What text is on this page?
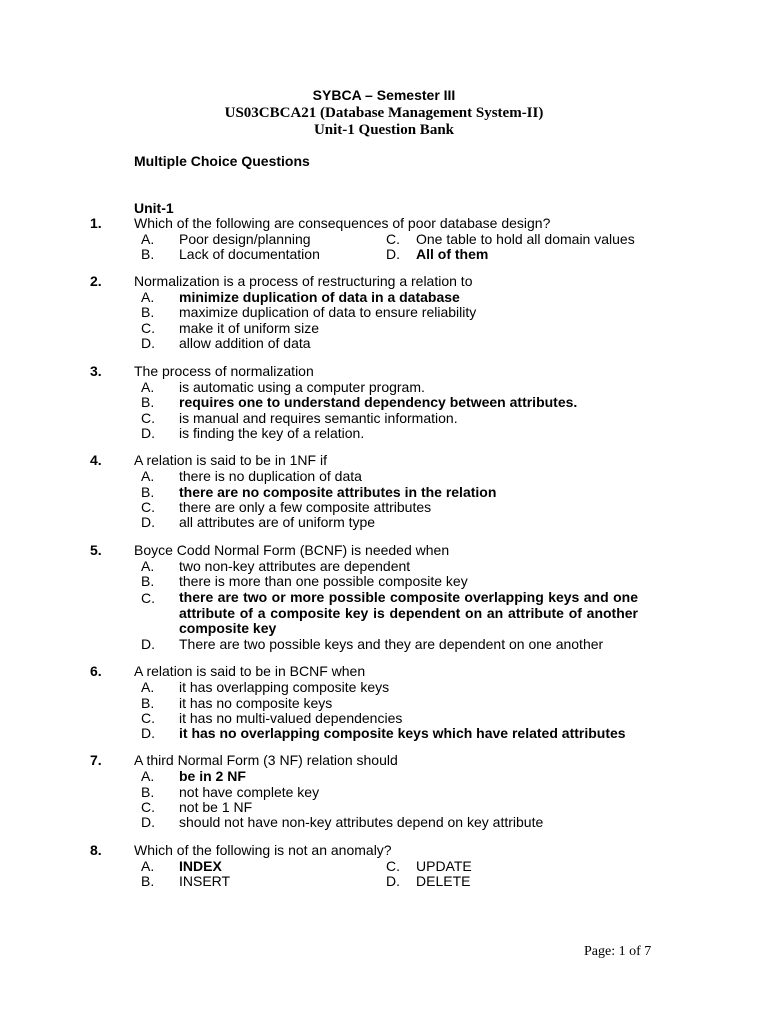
SYBCA – Semester III
US03CBCA21 (Database Management System-II)
Unit-1 Question Bank
Multiple Choice Questions
Unit-1
1. Which of the following are consequences of poor database design?
A. Poor design/planning	C. One table to hold all domain values
B. Lack of documentation	D. All of them
2. Normalization is a process of restructuring a relation to
A. minimize duplication of data in a database
B. maximize duplication of data to ensure reliability
C. make it of uniform size
D. allow addition of data
3. The process of normalization
A. is automatic using a computer program.
B. requires one to understand dependency between attributes.
C. is manual and requires semantic information.
D. is finding the key of a relation.
4. A relation is said to be in 1NF if
A. there is no duplication of data
B. there are no composite attributes in the relation
C. there are only a few composite attributes
D. all attributes are of uniform type
5. Boyce Codd Normal Form (BCNF) is needed when
A. two non-key attributes are dependent
B. there is more than one possible composite key
C. there are two or more possible composite overlapping keys and one attribute of a composite key is dependent on an attribute of another composite key
D. There are two possible keys and they are dependent on one another
6. A relation is said to be in BCNF when
A. it has overlapping composite keys
B. it has no composite keys
C. it has no multi-valued dependencies
D. it has no overlapping composite keys which have related attributes
7. A third Normal Form (3 NF) relation should
A. be in 2 NF
B. not have complete key
C. not be 1 NF
D. should not have non-key attributes depend on key attribute
8. Which of the following is not an anomaly?
A. INDEX	C. UPDATE
B. INSERT	D. DELETE
Page: 1 of 7
